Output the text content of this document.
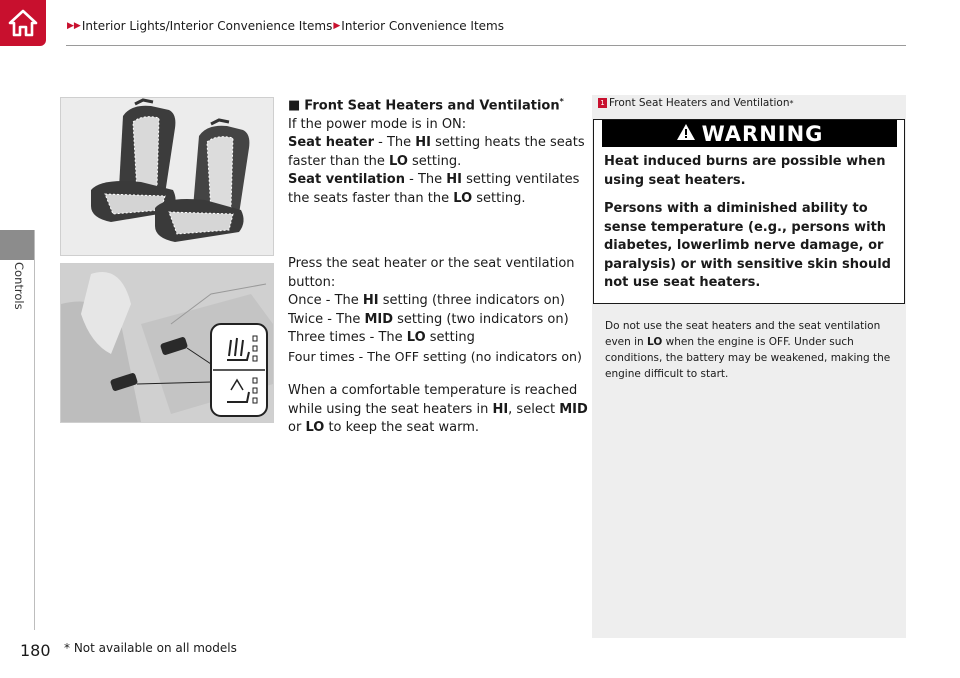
▶▶ Interior Lights/Interior Convenience Items ▶ Interior Convenience Items
Controls

■ Front Seat Heaters and Ventilation*

If the power mode is in ON:

Seat heater - The HI setting heats the seats faster than the LO setting.

Seat ventilation - The HI setting ventilates the seats faster than the LO setting.

Press the seat heater or the seat ventilation button:

Once - The HI setting (three indicators on)

Twice - The MID setting (two indicators on)

Three times - The LO setting

Four times - The OFF setting (no indicators on)

When a comfortable temperature is reached while using the seat heaters in HI, select MID or LO to keep the seat warm.

1 Front Seat Heaters and Ventilation *
WARNING

Heat induced burns are possible when using seat heaters.

Persons with a diminished ability to sense temperature (e.g., persons with diabetes, lowerlimb nerve damage, or paralysis) or with sensitive skin should not use seat heaters.

Do not use the seat heaters and the seat ventilation even in LO when the engine is OFF. Under such conditions, the battery may be weakened, making the engine difficult to start.
180 * Not available on all models
